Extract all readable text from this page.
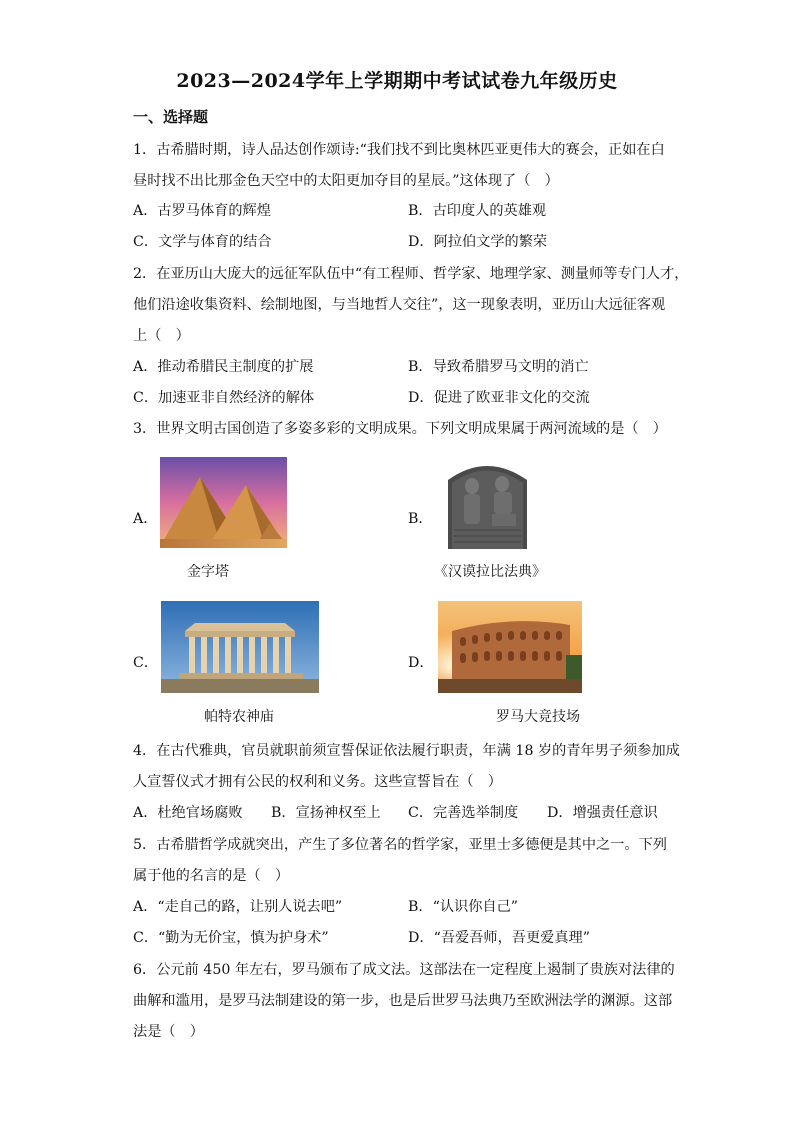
2023—2024学年上学期期中考试试卷九年级历史
一、选择题
1．古希腊时期，诗人品达创作颂诗:“我们找不到比奥林匹亚更伟大的赛会，正如在白
昼时找不出比那金色天空中的太阳更加夺目的星辰。”这体现了（　）
A．古罗马体育的辉煌	B．古印度人的英雄观
C．文学与体育的结合	D．阿拉伯文学的繁荣
2．在亚历山大庞大的远征军队伍中“有工程师、哲学家、地理学家、测量师等专门人才，
他们沿途收集资料、绘制地图，与当地哲人交往”，这一现象表明，亚历山大远征客观
上（　）
A．推动希腊民主制度的扩展	B．导致希腊罗马文明的消亡
C．加速亚非自然经济的解体	D．促进了欧亚非文化的交流
3．世界文明古国创造了多姿多彩的文明成果。下列文明成果属于两河流域的是（　）
A．
金字塔
B．
《汉谟拉比法典》
C．
帕特农神庙
D．
罗马大竞技场
4．在古代雅典，官员就职前须宣誓保证依法履行职责，年满 18 岁的青年男子须参加成
人宣誓仪式才拥有公民的权利和义务。这些宣誓旨在（　）
A．杜绝官场腐败 B．宣扬神权至上 C．完善选举制度 D．增强责任意识
5．古希腊哲学成就突出，产生了多位著名的哲学家，亚里士多德便是其中之一。下列
属于他的名言的是（　）
A．“走自己的路，让别人说去吧”	B．“认识你自己”
C．“勤为无价宝，慎为护身术”	D．“吾爱吾师，吾更爱真理”
6．公元前 450 年左右，罗马颁布了成文法。这部法在一定程度上遏制了贵族对法律的
曲解和滥用，是罗马法制建设的第一步，也是后世罗马法典乃至欧洲法学的渊源。这部
法是（　）
